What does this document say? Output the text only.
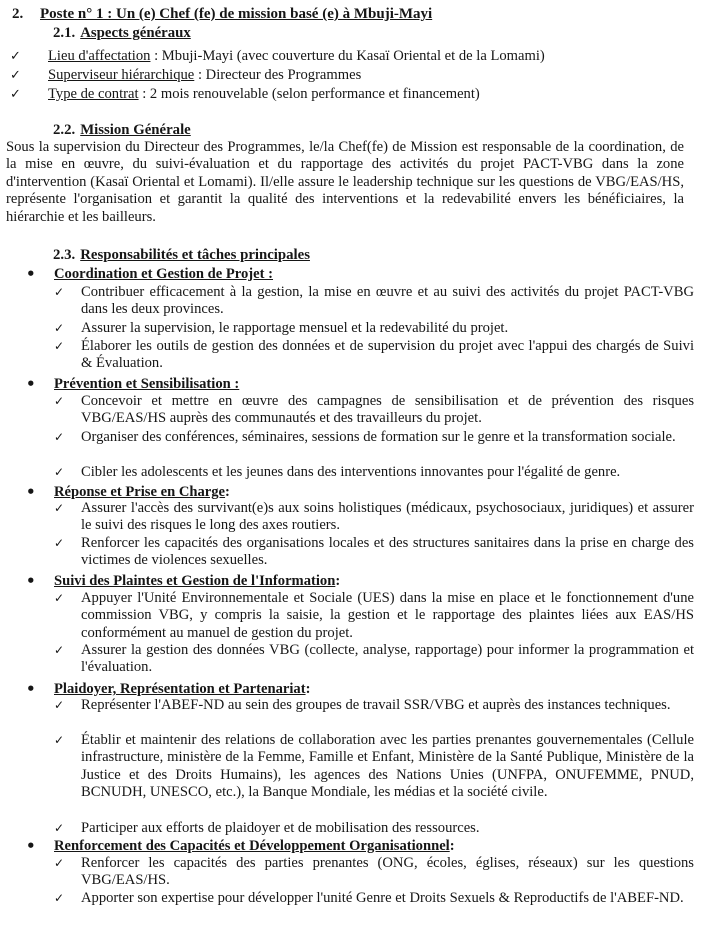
2. Poste n° 1 : Un (e) Chef (fe) de mission basé (e) à Mbuji-Mayi
2.1. Aspects généraux
✓ Lieu d'affectation : Mbuji-Mayi (avec couverture du Kasaï Oriental et de la Lomami)
✓ Superviseur hiérarchique : Directeur des Programmes
✓ Type de contrat : 2 mois renouvelable (selon performance et financement)
2.2. Mission Générale
Sous la supervision du Directeur des Programmes, le/la Chef(fe) de Mission est responsable de la coordination, de la mise en œuvre, du suivi-évaluation et du rapportage des activités du projet PACT-VBG dans la zone d'intervention (Kasaï Oriental et Lomami). Il/elle assure le leadership technique sur les questions de VBG/EAS/HS, représente l'organisation et garantit la qualité des interventions et la redevabilité envers les bénéficiaires, la hiérarchie et les bailleurs.
2.3. Responsabilités et tâches principales
• Coordination et Gestion de Projet :
✓ Contribuer efficacement à la gestion, la mise en œuvre et au suivi des activités du projet PACT-VBG dans les deux provinces.
✓ Assurer la supervision, le rapportage mensuel et la redevabilité du projet.
✓ Élaborer les outils de gestion des données et de supervision du projet avec l'appui des chargés de Suivi & Évaluation.
• Prévention et Sensibilisation :
✓ Concevoir et mettre en œuvre des campagnes de sensibilisation et de prévention des risques VBG/EAS/HS auprès des communautés et des travailleurs du projet.
✓ Organiser des conférences, séminaires, sessions de formation sur le genre et la transformation sociale.
✓ Cibler les adolescents et les jeunes dans des interventions innovantes pour l'égalité de genre.
• Réponse et Prise en Charge:
✓ Assurer l'accès des survivant(e)s aux soins holistiques (médicaux, psychosociaux, juridiques) et assurer le suivi des risques le long des axes routiers.
✓ Renforcer les capacités des organisations locales et des structures sanitaires dans la prise en charge des victimes de violences sexuelles.
• Suivi des Plaintes et Gestion de l'Information:
✓ Appuyer l'Unité Environnementale et Sociale (UES) dans la mise en place et le fonctionnement d'une commission VBG, y compris la saisie, la gestion et le rapportage des plaintes liées aux EAS/HS conformément au manuel de gestion du projet.
✓ Assurer la gestion des données VBG (collecte, analyse, rapportage) pour informer la programmation et l'évaluation.
• Plaidoyer, Représentation et Partenariat:
✓ Représenter l'ABEF-ND au sein des groupes de travail SSR/VBG et auprès des instances techniques.
✓ Établir et maintenir des relations de collaboration avec les parties prenantes gouvernementales (Cellule infrastructure, ministère de la Femme, Famille et Enfant, Ministère de la Santé Publique, Ministère de la Justice et des Droits Humains), les agences des Nations Unies (UNFPA, ONUFEMME, PNUD, BCNUDH, UNESCO, etc.), la Banque Mondiale, les médias et la société civile.
✓ Participer aux efforts de plaidoyer et de mobilisation des ressources.
• Renforcement des Capacités et Développement Organisationnel:
✓ Renforcer les capacités des parties prenantes (ONG, écoles, églises, réseaux) sur les questions VBG/EAS/HS.
✓ Apporter son expertise pour développer l'unité Genre et Droits Sexuels & Reproductifs de l'ABEF-ND.
